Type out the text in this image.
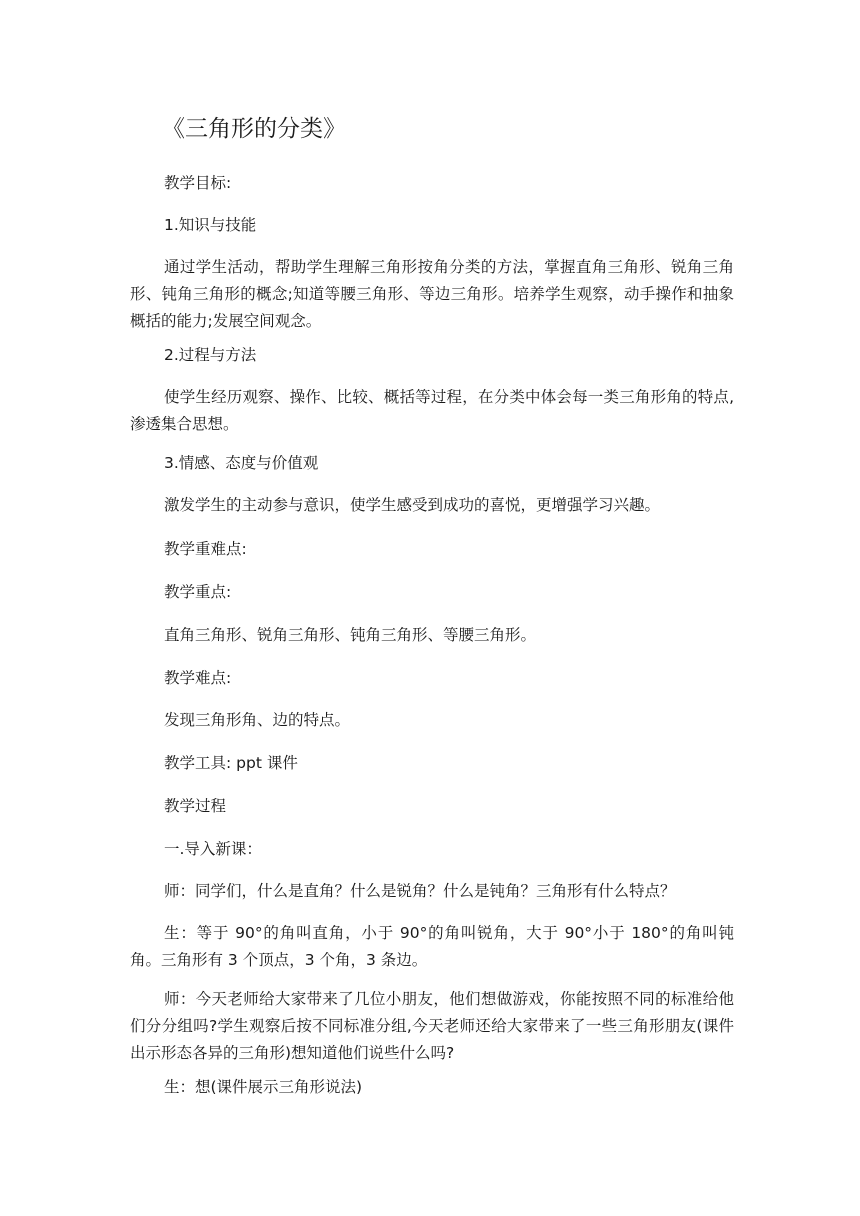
《三角形的分类》

教学目标:

1.知识与技能

通过学生活动，帮助学生理解三角形按角分类的方法，掌握直角三角形、锐角三角形、钝角三角形的概念;知道等腰三角形、等边三角形。培养学生观察，动手操作和抽象概括的能力;发展空间观念。

2.过程与方法

使学生经历观察、操作、比较、概括等过程，在分类中体会每一类三角形角的特点,渗透集合思想。

3.情感、态度与价值观

激发学生的主动参与意识，使学生感受到成功的喜悦，更增强学习兴趣。

教学重难点:

教学重点:

直角三角形、锐角三角形、钝角三角形、等腰三角形。

教学难点:

发现三角形角、边的特点。

教学工具: ppt 课件

教学过程

一.导入新课：

师：同学们，什么是直角？什么是锐角？什么是钝角？三角形有什么特点？

生：等于 90°的角叫直角，小于 90°的角叫锐角，大于 90°小于 180°的角叫钝角。三角形有 3 个顶点，3 个角，3 条边。

师：今天老师给大家带来了几位小朋友，他们想做游戏，你能按照不同的标准给他们分分组吗?学生观察后按不同标准分组,今天老师还给大家带来了一些三角形朋友(课件出示形态各异的三角形)想知道他们说些什么吗?

生：想(课件展示三角形说法)
